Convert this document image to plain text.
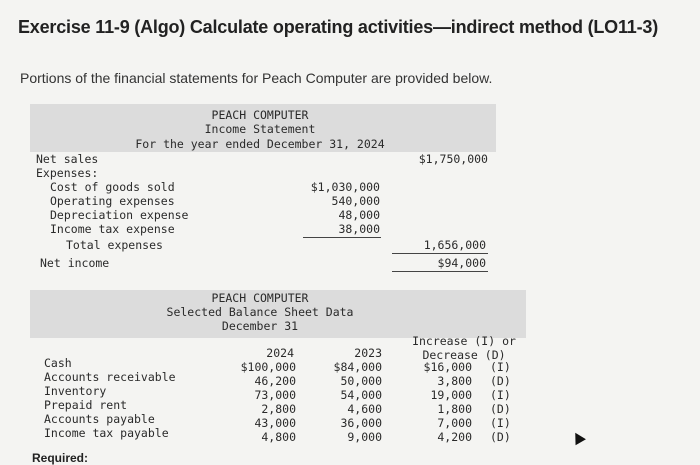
Exercise 11-9 (Algo) Calculate operating activities—indirect method (LO11-3)
Portions of the financial statements for Peach Computer are provided below.
PEACH COMPUTER
Income Statement
For the year ended December 31, 2024
Net sales	$1,750,000
Expenses:
Cost of goods sold	$1,030,000
Operating expenses	540,000
Depreciation expense	48,000
Income tax expense	38,000
Total expenses	1,656,000
Net income	$94,000
PEACH COMPUTER
Selected Balance Sheet Data
December 31
Increase (I) or
Decrease (D)
2024	2023
Cash	$100,000	$84,000	$16,000 (I)
Accounts receivable	46,200	50,000	3,800 (D)
Inventory	73,000	54,000	19,000 (I)
Prepaid rent	2,800	4,600	1,800 (D)
Accounts payable	43,000	36,000	7,000 (I)
Income tax payable	4,800	9,000	4,200 (D)
Required:
